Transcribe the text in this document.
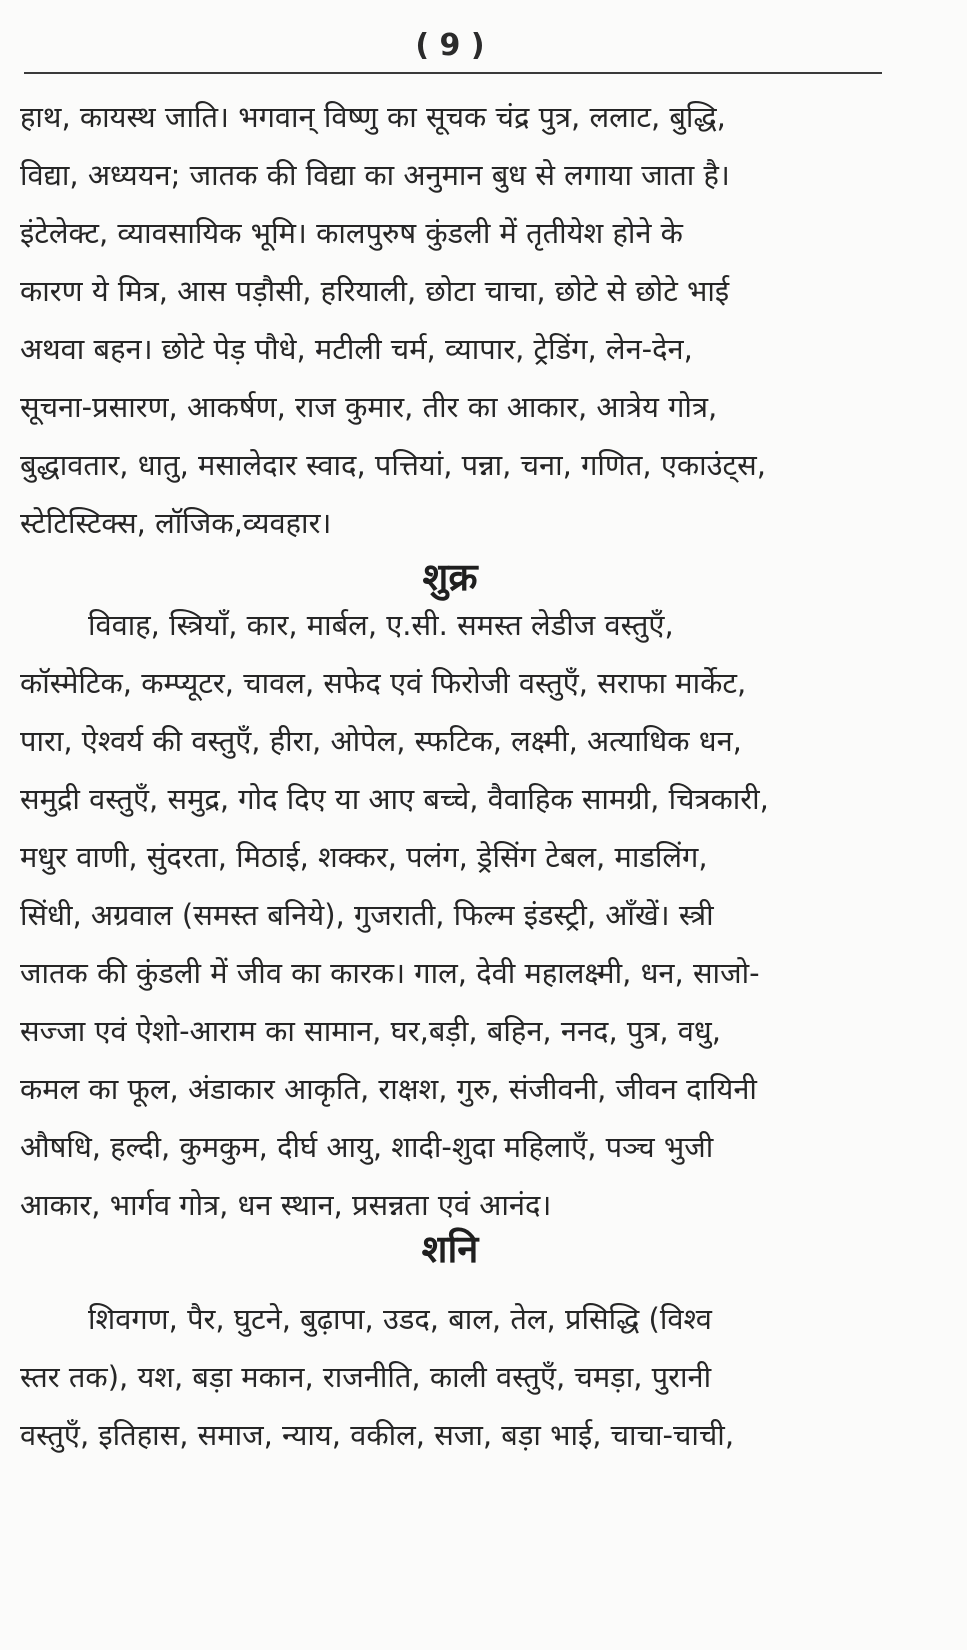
( 9 )
हाथ, कायस्थ जाति। भगवान् विष्णु का सूचक चंद्र पुत्र, ललाट, बुद्धि,
विद्या, अध्ययन; जातक की विद्या का अनुमान बुध से लगाया जाता है।
इंटेलेक्ट, व्यावसायिक भूमि। कालपुरुष कुंडली में तृतीयेश होने के
कारण ये मित्र, आस पड़ौसी, हरियाली, छोटा चाचा, छोटे से छोटे भाई
अथवा बहन। छोटे पेड़ पौधे, मटीली चर्म, व्यापार, ट्रेडिंग, लेन-देन,
सूचना-प्रसारण, आकर्षण, राज कुमार, तीर का आकार, आत्रेय गोत्र,
बुद्धावतार, धातु, मसालेदार स्वाद, पत्तियां, पन्ना, चना, गणित, एकाउंट्स,
स्टेटिस्टिक्स, लॉजिक,व्यवहार।
शुक्र
विवाह, स्त्रियाँ, कार, मार्बल, ए.सी. समस्त लेडीज वस्तुएँ,
कॉस्मेटिक, कम्प्यूटर, चावल, सफेद एवं फिरोजी वस्तुएँ, सराफा मार्केट,
पारा, ऐश्वर्य की वस्तुएँ, हीरा, ओपेल, स्फटिक, लक्ष्मी, अत्याधिक धन,
समुद्री वस्तुएँ, समुद्र, गोद दिए या आए बच्चे, वैवाहिक सामग्री, चित्रकारी,
मधुर वाणी, सुंदरता, मिठाई, शक्कर, पलंग, ड्रेसिंग टेबल, माडलिंग,
सिंधी, अग्रवाल (समस्त बनिये), गुजराती, फिल्म इंडस्ट्री, आँखें। स्त्री
जातक की कुंडली में जीव का कारक। गाल, देवी महालक्ष्मी, धन, साजो-
सज्जा एवं ऐशो-आराम का सामान, घर,बड़ी, बहिन, ननद, पुत्र, वधु,
कमल का फूल, अंडाकार आकृति, राक्षश, गुरु, संजीवनी, जीवन दायिनी
औषधि, हल्दी, कुमकुम, दीर्घ आयु, शादी-शुदा महिलाएँ, पञ्च भुजी
आकार, भार्गव गोत्र, धन स्थान, प्रसन्नता एवं आनंद।
शनि
शिवगण, पैर, घुटने, बुढ़ापा, उडद, बाल, तेल, प्रसिद्धि (विश्व
स्तर तक), यश, बड़ा मकान, राजनीति, काली वस्तुएँ, चमड़ा, पुरानी
वस्तुएँ, इतिहास, समाज, न्याय, वकील, सजा, बड़ा भाई, चाचा-चाची,
